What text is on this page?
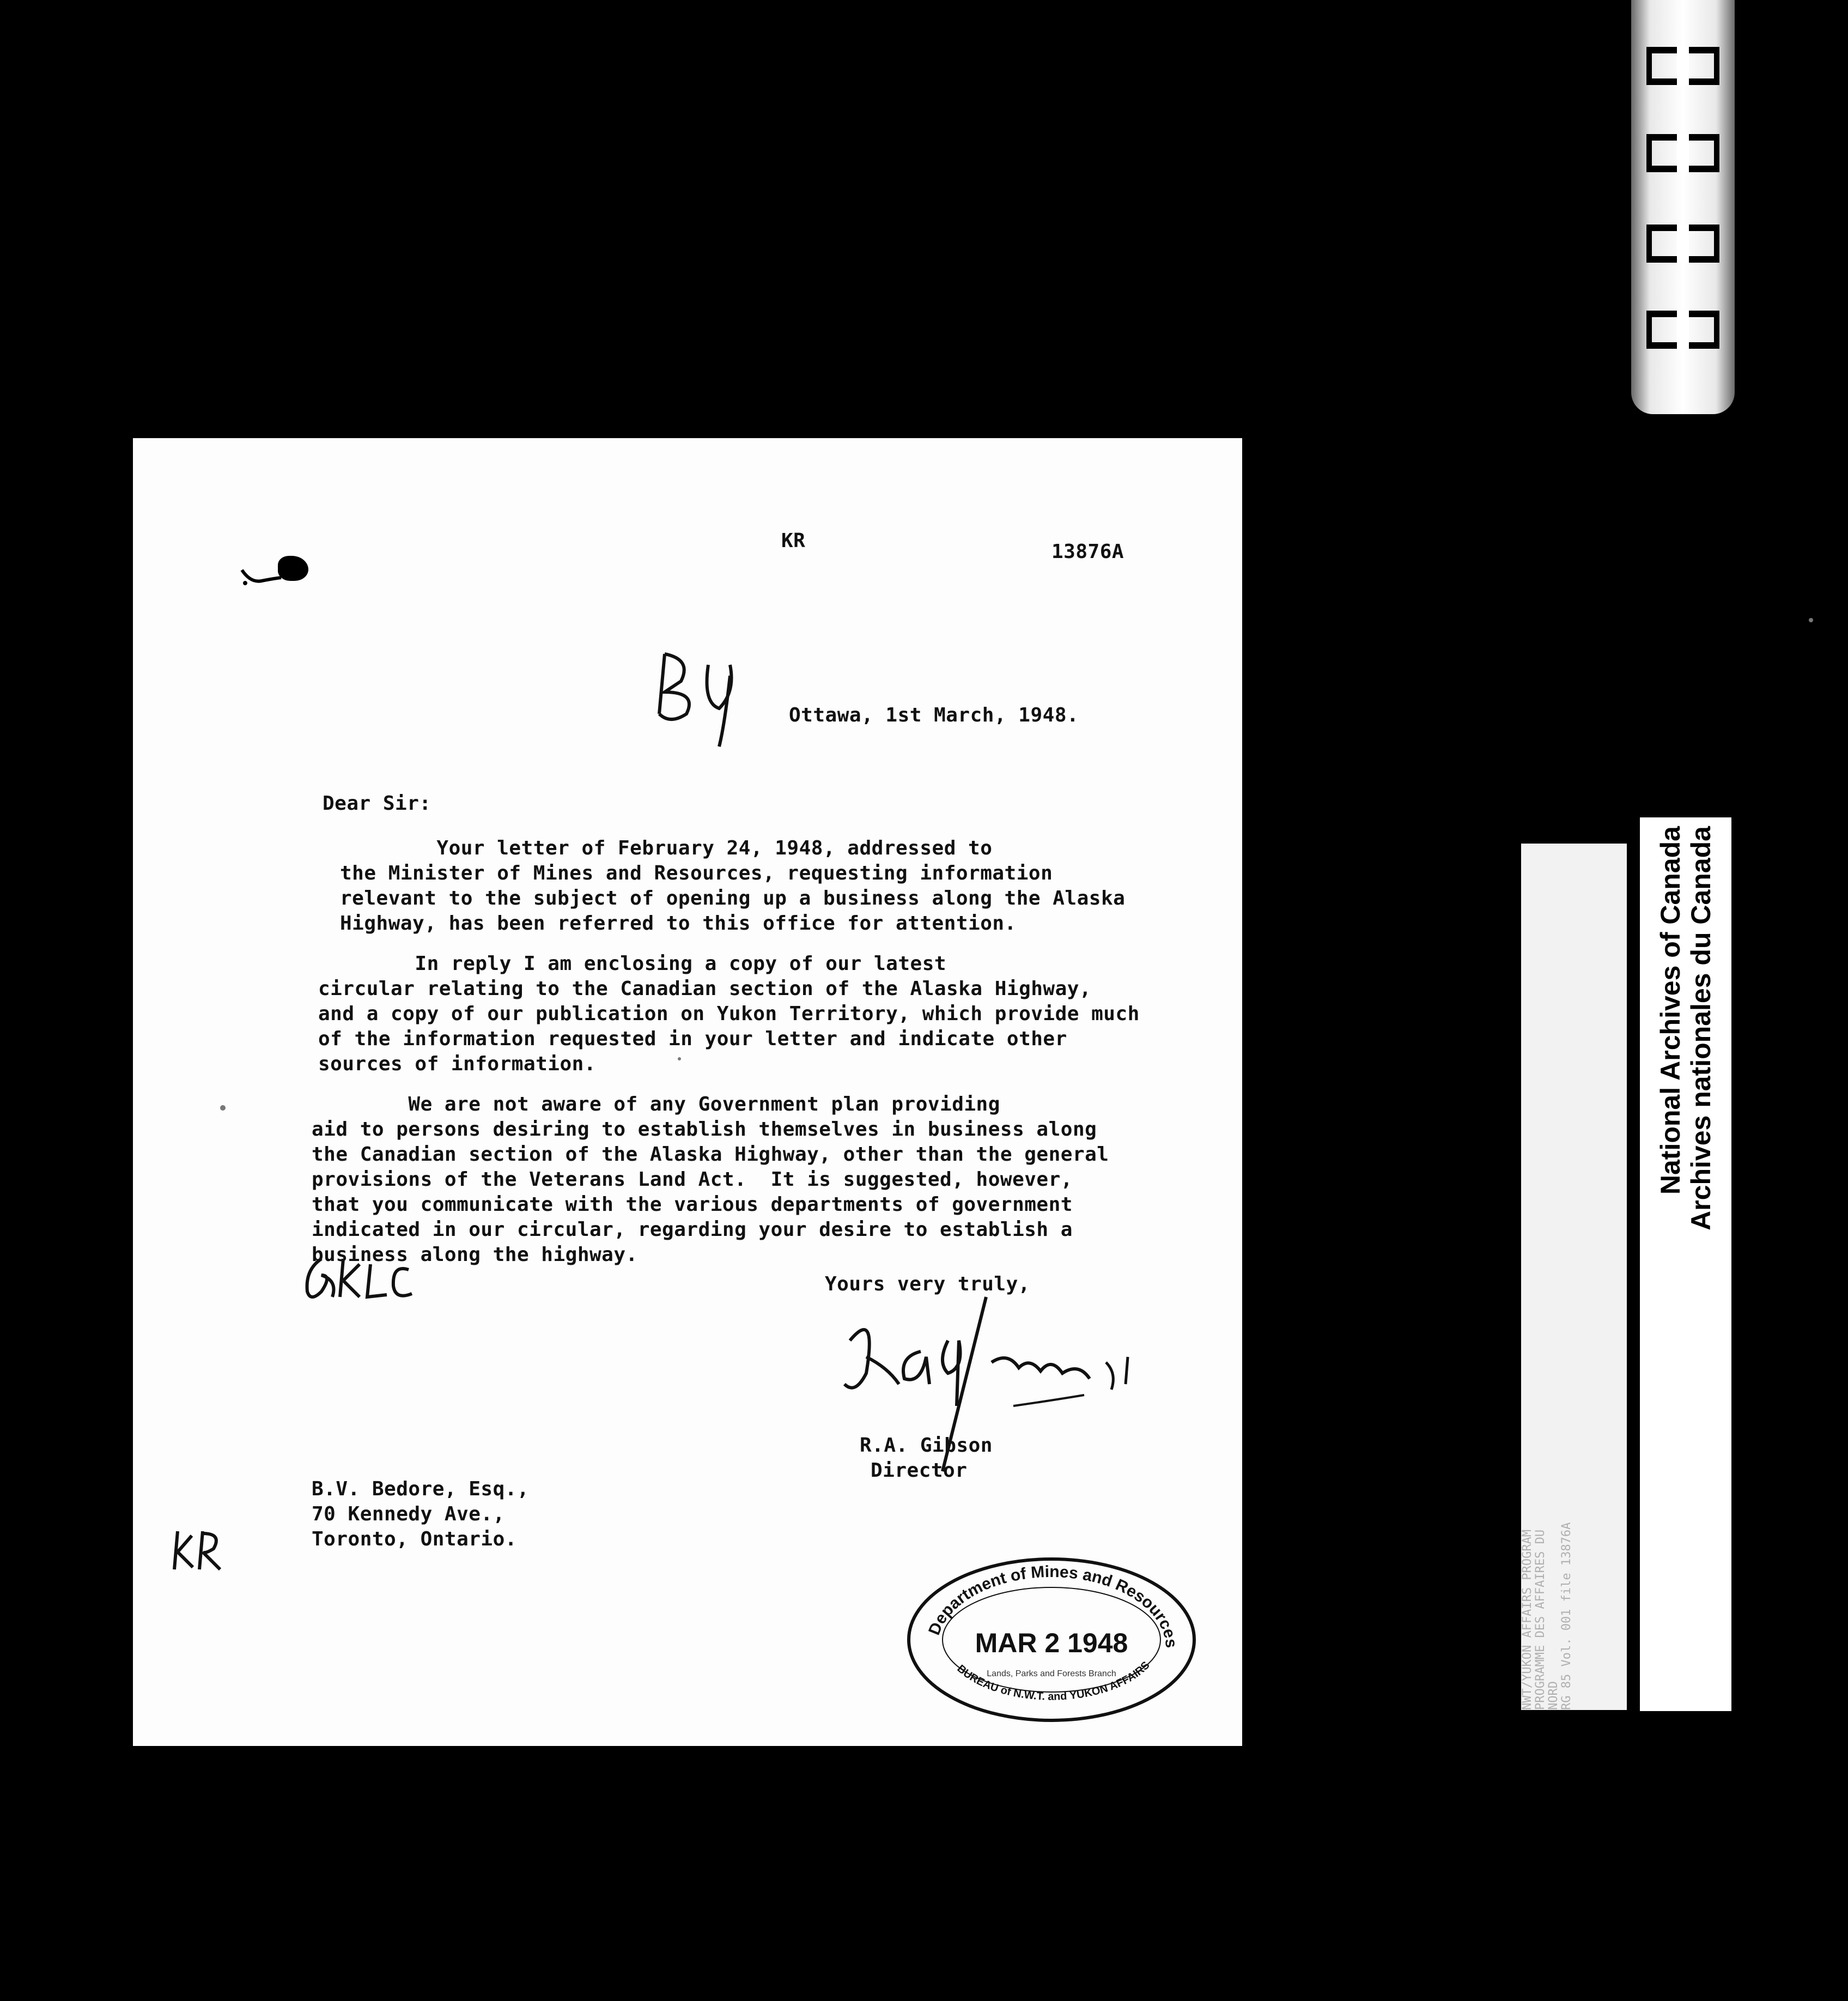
KR	13876A
Ottawa, 1st March, 1948.
Dear Sir:
Your letter of February 24, 1948, addressed to
the Minister of Mines and Resources, requesting information
relevant to the subject of opening up a business along the Alaska
Highway, has been referred to this office for attention.
In reply I am enclosing a copy of our latest
circular relating to the Canadian section of the Alaska Highway,
and a copy of our publication on Yukon Territory, which provide much
of the information requested in your letter and indicate other
sources of information.
We are not aware of any Government plan providing
aid to persons desiring to establish themselves in business along
the Canadian section of the Alaska Highway, other than the general
provisions of the Veterans Land Act.  It is suggested, however,
that you communicate with the various departments of government
indicated in our circular, regarding your desire to establish a
business along the highway.
Yours very truly,
R.A. Gibson
Director
B.V. Bedore, Esq.,
70 Kennedy Ave.,
Toronto, Ontario.
Department of Mines and Resources
MAR 2 1948
Lands, Parks and Forests Branch
BUREAU of N.W.T. and YUKON AFFAIRS	NWT/YUKON AFFAIRS PROGRAM PROGRAMME DES AFFAIRES DU NORD RG 85 Vol. 001 file 13876A
National Archives of Canada Archives nationales du Canada
